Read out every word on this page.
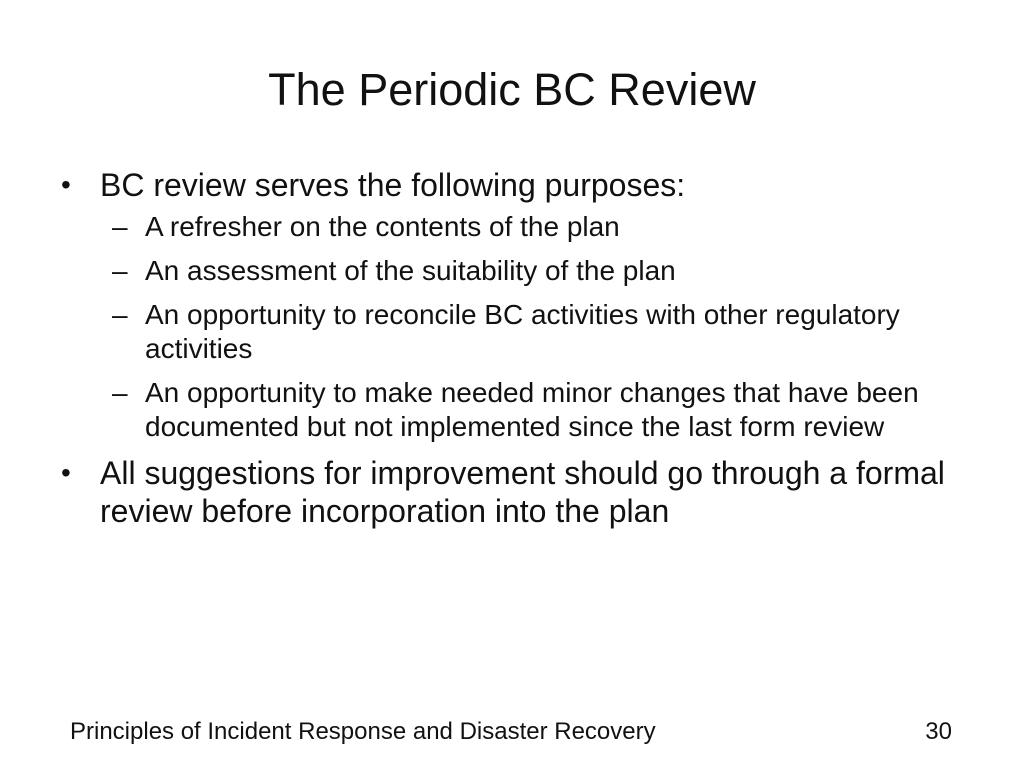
The Periodic BC Review
• BC review serves the following purposes:
– A refresher on the contents of the plan
– An assessment of the suitability of the plan
– An opportunity to reconcile BC activities with other regulatory activities
– An opportunity to make needed minor changes that have been documented but not implemented since the last form review
• All suggestions for improvement should go through a formal review before incorporation into the plan
Principles of Incident Response and Disaster Recovery	30
